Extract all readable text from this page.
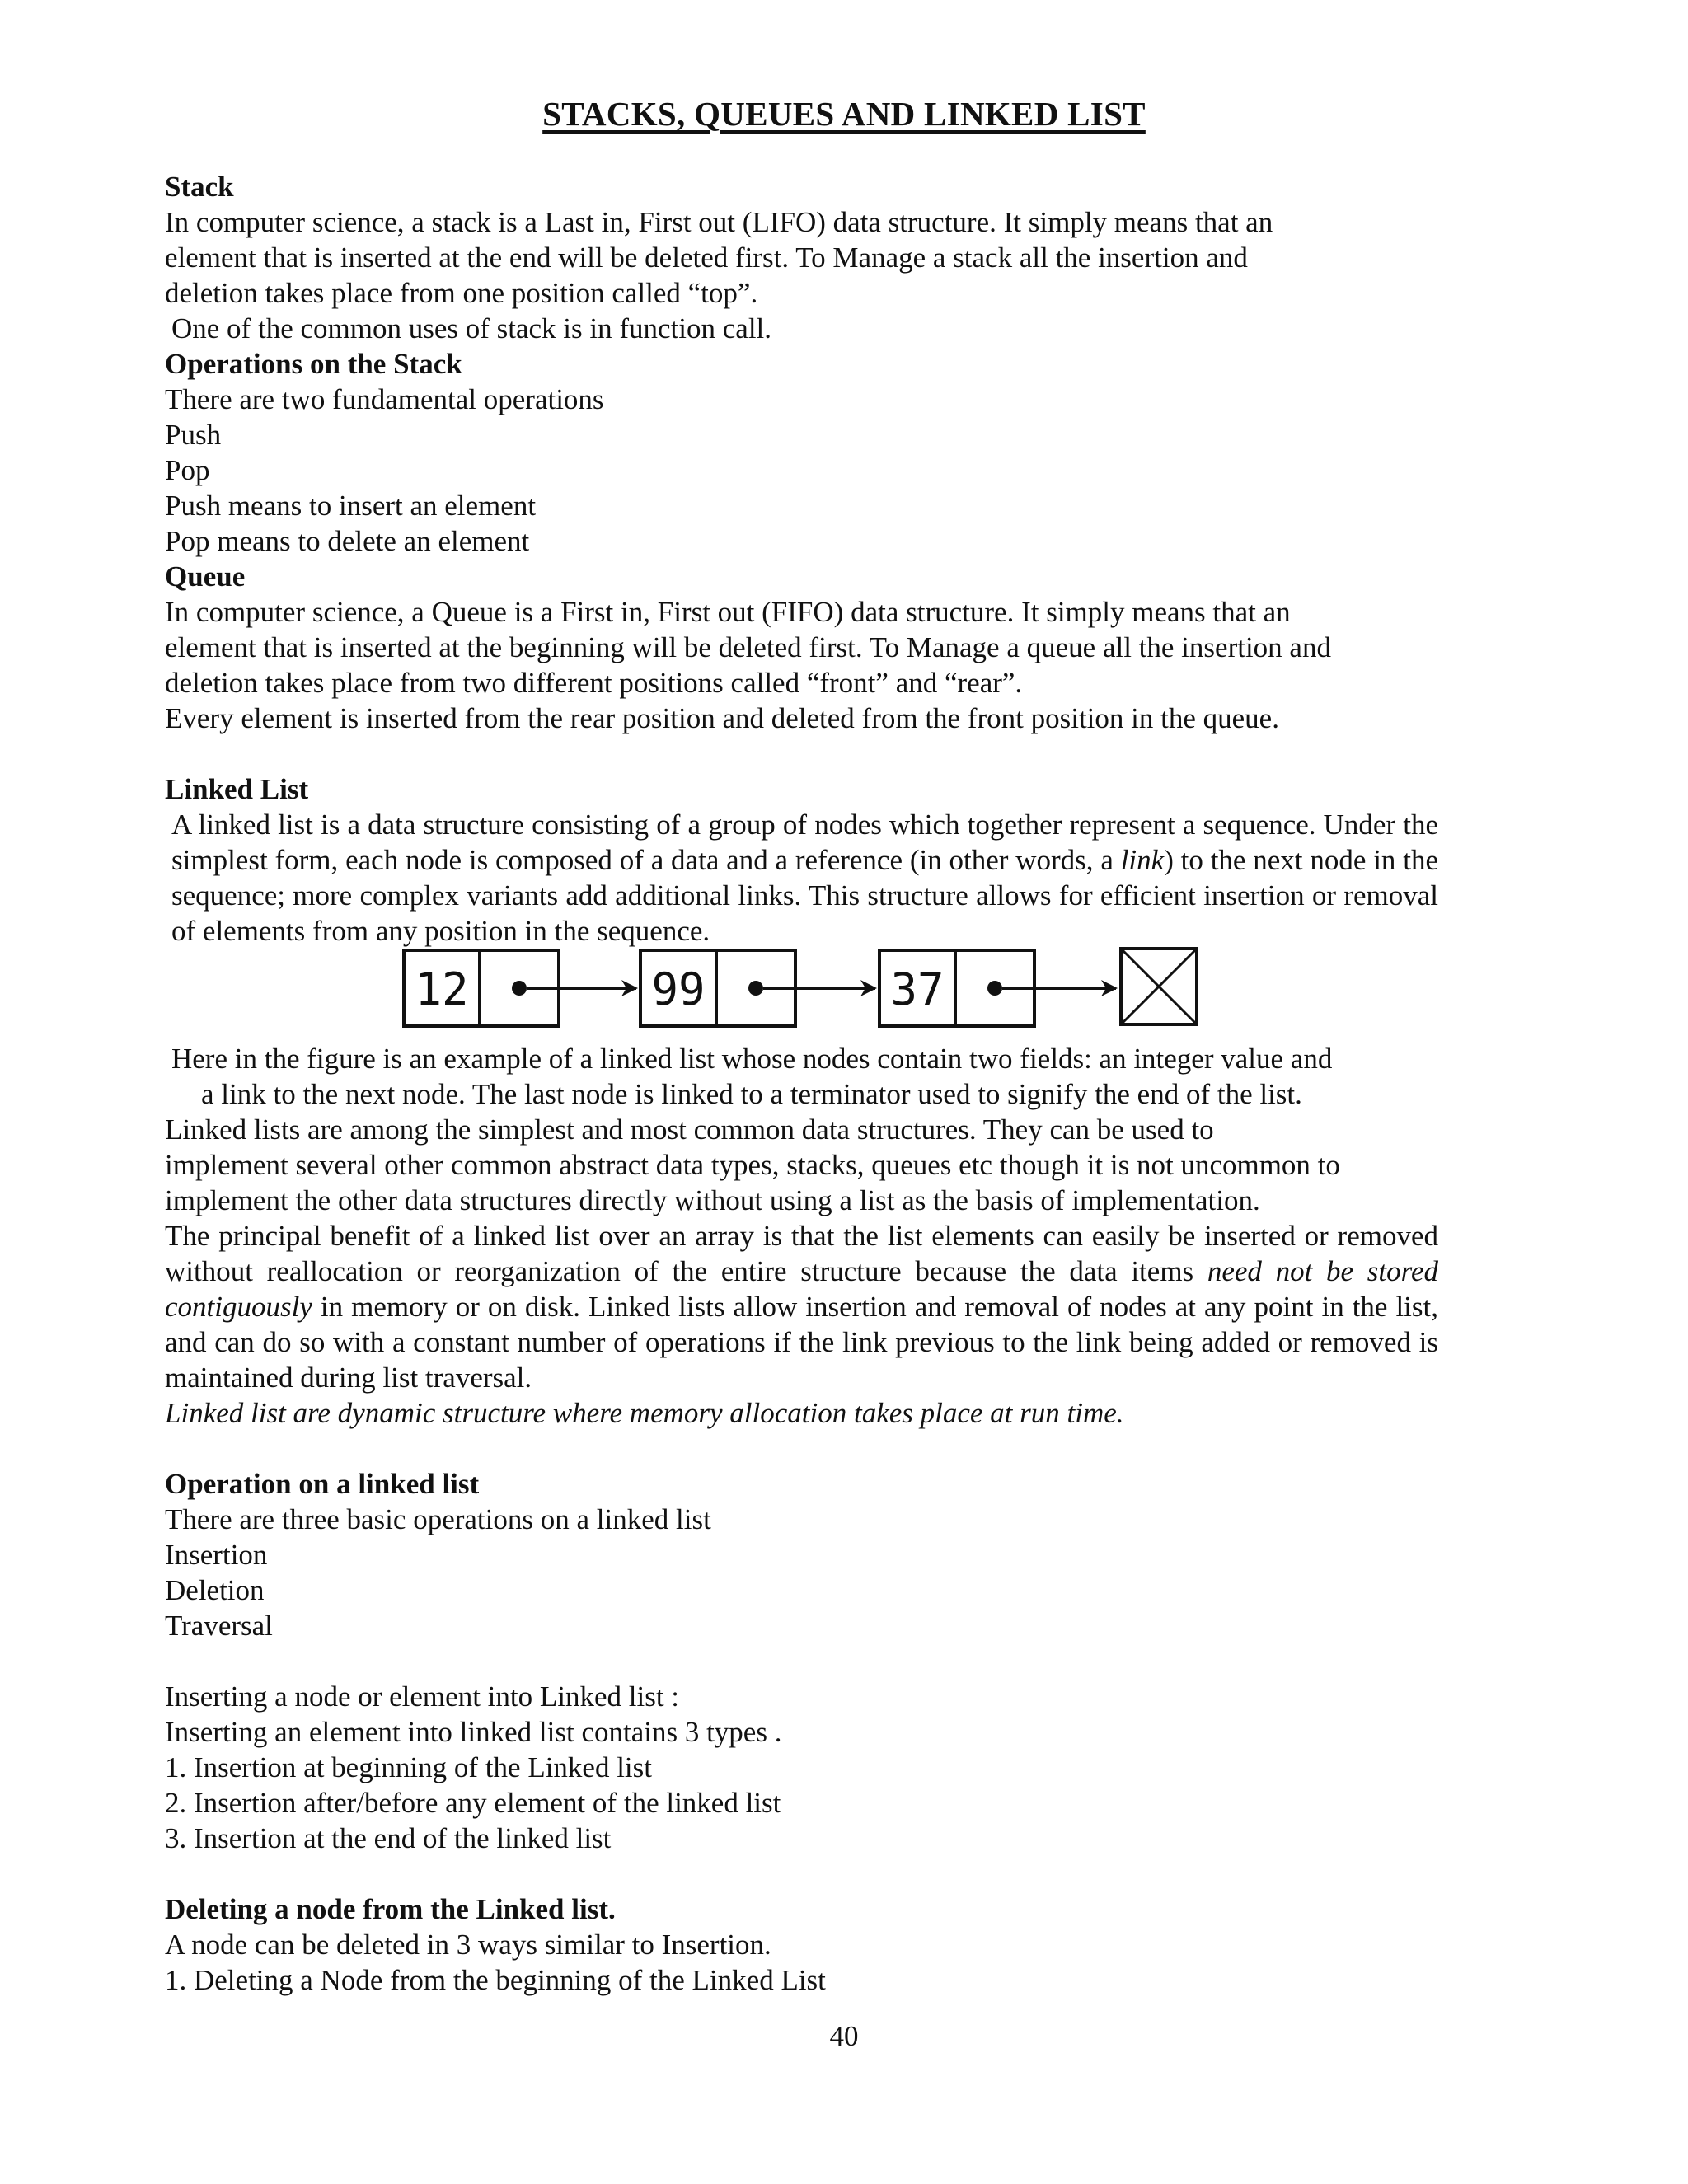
STACKS, QUEUES AND LINKED LIST

Stack

In computer science, a stack is a Last in, First out (LIFO) data structure. It simply means that an

element that is inserted at the end will be deleted first. To Manage a stack all the insertion and

deletion takes place from one position called “top”.

One of the common uses of stack is in function call.

Operations on the Stack

There are two fundamental operations

Push

Pop

Push means to insert an element

Pop means to delete an element

Queue

In computer science, a Queue is a First in, First out (FIFO) data structure. It simply means that an

element that is inserted at the beginning will be deleted first. To Manage a queue all the insertion and

deletion takes place from two different positions called “front” and “rear”.

Every element is inserted from the rear position and deleted from the front position in the queue.

Linked List

A linked list is a data structure consisting of a group of nodes which together represent a sequence. Under the simplest form, each node is composed of a data and a reference (in other words, a link) to the next node in the sequence; more complex variants add additional links. This structure allows for efficient insertion or removal of elements from any position in the sequence.

12	99	37

Here in the figure is an example of a linked list whose nodes contain two fields: an integer value and

a link to the next node. The last node is linked to a terminator used to signify the end of the list.

Linked lists are among the simplest and most common data structures. They can be used to

implement several other common abstract data types, stacks, queues etc though it is not uncommon to

implement the other data structures directly without using a list as the basis of implementation.

The principal benefit of a linked list over an array is that the list elements can easily be inserted or removed without reallocation or reorganization of the entire structure because the data items need not be stored contiguously in memory or on disk. Linked lists allow insertion and removal of nodes at any point in the list, and can do so with a constant number of operations if the link previous to the link being added or removed is maintained during list traversal.

Linked list are dynamic structure where memory allocation takes place at run time.

Operation on a linked list

There are three basic operations on a linked list

Insertion

Deletion

Traversal

Inserting a node or element into Linked list :

Inserting an element into linked list contains 3 types .

1. Insertion at beginning of the Linked list

2. Insertion after/before any element of the linked list

3. Insertion at the end of the linked list

Deleting a node from the Linked list.

A node can be deleted in 3 ways similar to Insertion.

1. Deleting a Node from the beginning of the Linked List

40
